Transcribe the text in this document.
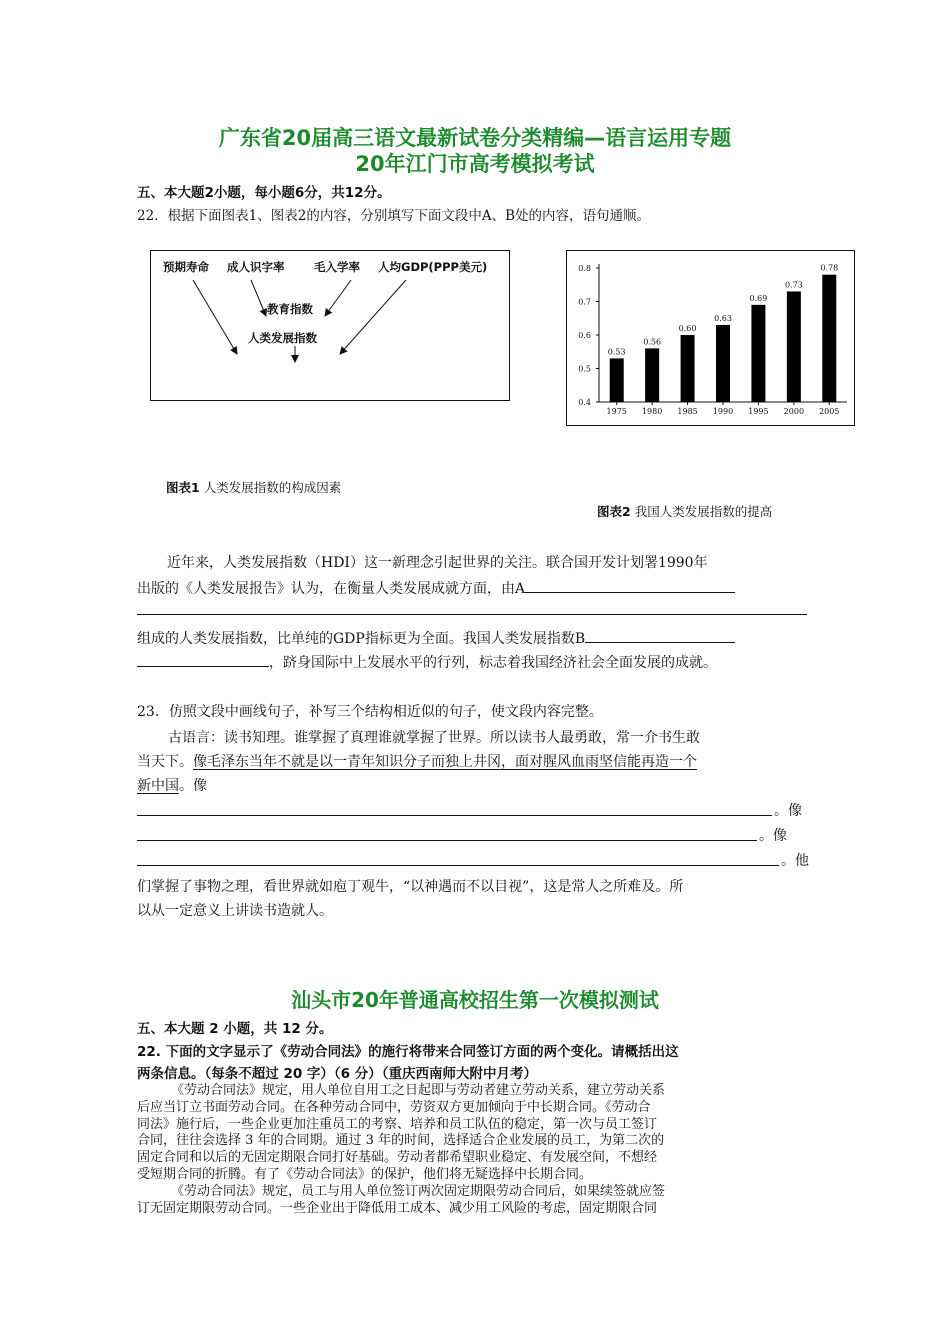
广东省20届高三语文最新试卷分类精编—语言运用专题
20年江门市高考模拟考试
五、本大题2小题，每小题6分，共12分。
22．根据下面图表1、图表2的内容，分别填写下面文段中A、B处的内容，语句通顺。
预期寿命 成人识字率	毛入学率 人均GDP(PPP美元)
教育指数
人类发展指数
图表1 人类发展指数的构成因素
0.8
0.7
0.6
0.5
0.4
0.53
1975
0.56
1980
0.60
1985
0.63
1990
0.69
1995
0.73
2000
0.78
2005
图表2 我国人类发展指数的提高
近年来，人类发展指数（HDI）这一新理念引起世界的关注。联合国开发计划署1990年
出版的《人类发展报告》认为，在衡量人类发展成就方面，由A
组成的人类发展指数，比单纯的GDP指标更为全面。我国人类发展指数B
，跻身国际中上发展水平的行列，标志着我国经济社会全面发展的成就。
23．仿照文段中画线句子，补写三个结构相近似的句子，使文段内容完整。
古语言：读书知理。谁掌握了真理谁就掌握了世界。所以读书人最勇敢，常一介书生敢
当天下。像毛泽东当年不就是以一青年知识分子而独上井冈，面对腥风血雨坚信能再造一个
新中国。像
。像
。像
。他
们掌握了事物之理，看世界就如庖丁观牛，“以神遇而不以目视”，这是常人之所难及。所
以从一定意义上讲读书造就人。
汕头市20年普通高校招生第一次模拟测试
五、本大题 2 小题，共 12 分。
22. 下面的文字显示了《劳动合同法》的施行将带来合同签订方面的两个变化。请概括出这
两条信息。（每条不超过 20 字）（6 分）（重庆西南师大附中月考）
《劳动合同法》规定，用人单位自用工之日起即与劳动者建立劳动关系，建立劳动关系
后应当订立书面劳动合同。在各种劳动合同中，劳资双方更加倾向于中长期合同。《劳动合
同法》施行后，一些企业更加注重员工的考察、培养和员工队伍的稳定，第一次与员工签订
合同，往往会选择 3 年的合同期。通过 3 年的时间，选择适合企业发展的员工，为第二次的
固定合同和以后的无固定期限合同打好基础。劳动者都希望职业稳定、有发展空间，不想经
受短期合同的折腾。有了《劳动合同法》的保护，他们将无疑选择中长期合同。
《劳动合同法》规定，员工与用人单位签订两次固定期限劳动合同后，如果续签就应签
订无固定期限劳动合同。一些企业出于降低用工成本、减少用工风险的考虑，固定期限合同
